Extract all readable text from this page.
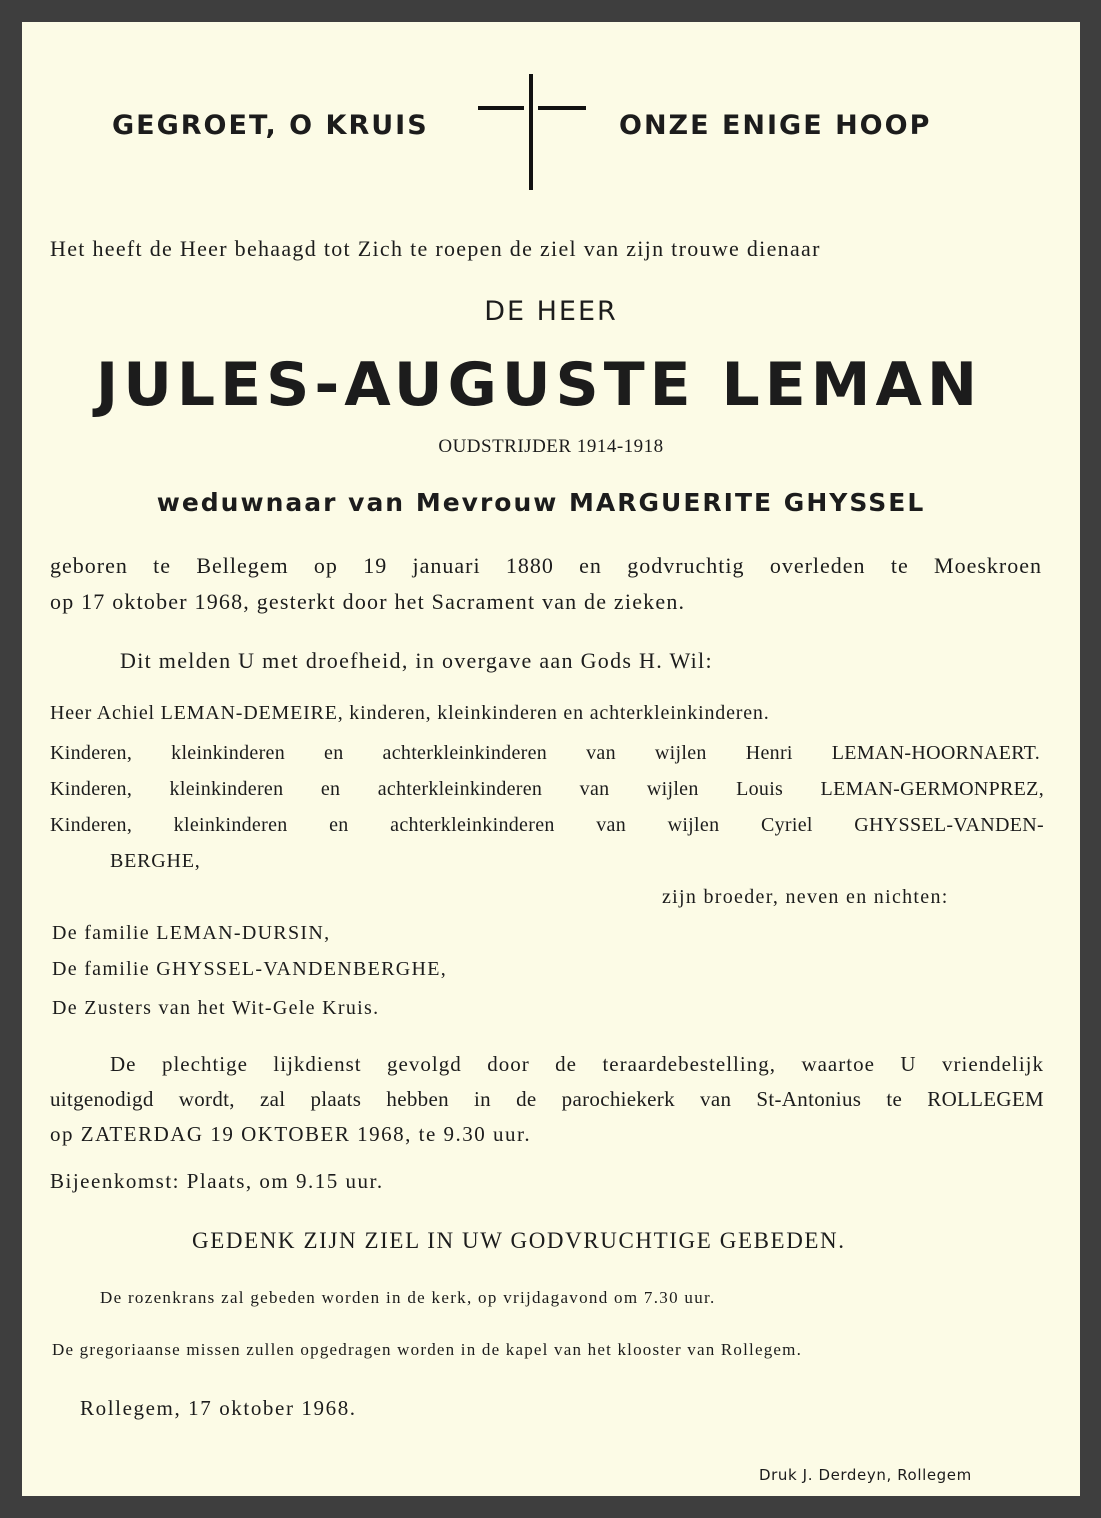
GEGROET, O KRUIS	ONZE ENIGE HOOP
Het heeft de Heer behaagd tot Zich te roepen de ziel van zijn trouwe dienaar
DE HEER
JULES-AUGUSTE LEMAN
OUDSTRIJDER 1914-1918
weduwnaar van Mevrouw MARGUERITE GHYSSEL
geboren te Bellegem op 19 januari 1880 en godvruchtig overleden te Moeskroen
op 17 oktober 1968, gesterkt door het Sacrament van de zieken.
Dit melden U met droefheid, in overgave aan Gods H. Wil:
Heer Achiel LEMAN-DEMEIRE, kinderen, kleinkinderen en achterkleinkinderen.
Kinderen, kleinkinderen en achterkleinkinderen van wijlen Henri LEMAN-HOORNAERT.
Kinderen, kleinkinderen en achterkleinkinderen van wijlen Louis LEMAN-GERMONPREZ,
Kinderen, kleinkinderen en achterkleinkinderen van wijlen Cyriel GHYSSEL-VANDEN-
BERGHE,
zijn broeder, neven en nichten:
De familie LEMAN-DURSIN,
De familie GHYSSEL-VANDENBERGHE,
De Zusters van het Wit-Gele Kruis.
De plechtige lijkdienst gevolgd door de teraardebestelling, waartoe U vriendelijk
uitgenodigd wordt, zal plaats hebben in de parochiekerk van St-Antonius te ROLLEGEM
op ZATERDAG 19 OKTOBER 1968, te 9.30 uur.
Bijeenkomst: Plaats, om 9.15 uur.
GEDENK ZIJN ZIEL IN UW GODVRUCHTIGE GEBEDEN.
De rozenkrans zal gebeden worden in de kerk, op vrijdagavond om 7.30 uur.
De gregoriaanse missen zullen opgedragen worden in de kapel van het klooster van Rollegem.
Rollegem, 17 oktober 1968.
Druk J. Derdeyn, Rollegem
